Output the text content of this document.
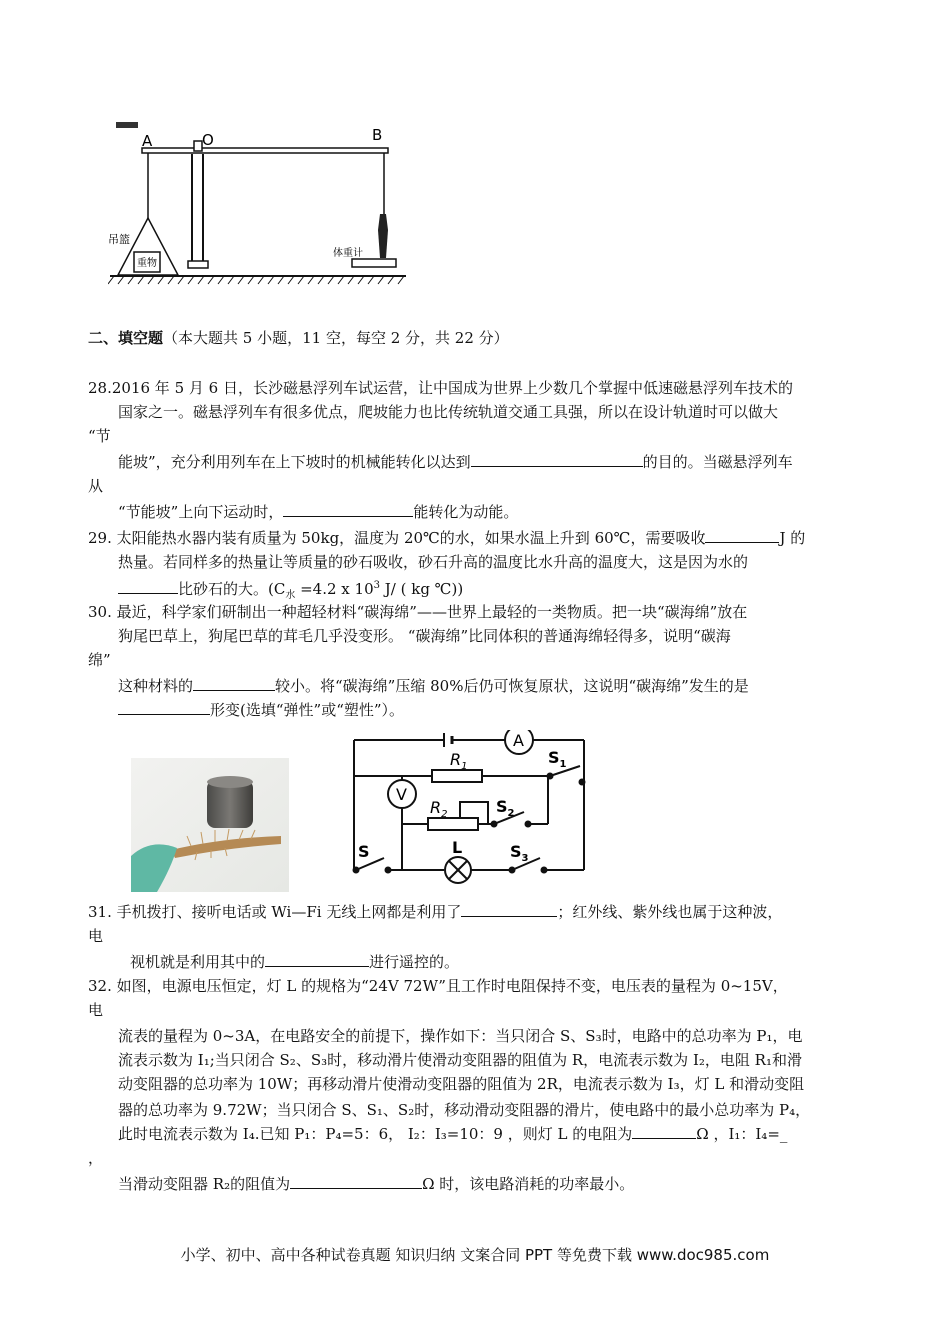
A	O	B
吊篮
重物
体重计
二、填空题（本大题共 5 小题，11 空，每空 2 分，共 22 分）
28.2016 年 5 月 6 日，长沙磁悬浮列车试运营，让中国成为世界上少数几个掌握中低速磁悬浮列车技术的
国家之一。磁悬浮列车有很多优点，爬坡能力也比传统轨道交通工具强，所以在设计轨道时可以做大
“节
能坡”，充分利用列车在上下坡时的机械能转化以达到	的目的。当磁悬浮列车
从
“节能坡”上向下运动时，	能转化为动能。
29. 太阳能热水器内装有质量为 50kg，温度为 20℃的水，如果水温上升到 60℃，需要吸收	J 的
热量。若同样多的热量让等质量的砂石吸收，砂石升高的温度比水升高的温度大，这是因为水的
比砂石的大。($C_水 =4.2$ x $10^3$ J/ ( kg ℃))
30. 最近，科学家们研制出一种超轻材料“碳海绵”——世界上最轻的一类物质。把一块“碳海绵”放在
狗尾巴草上，狗尾巴草的茸毛几乎没变形。 “碳海绵”比同体积的普通海绵轻得多，说明“碳海
绵”
这种材料的	较小。将“碳海绵”压缩 80%后仍可恢复原状，这说明“碳海绵”发生的是
形变(选填“弹性”或“塑性”）。
A
V
$R_1$
$R_2$
$S_1$
$S_2$
S	L	$S_3$
31. 手机拨打、接听电话或 Wi—Fi 无线上网都是利用了	；红外线、紫外线也属于这种波，
电
视机就是利用其中的	进行遥控的。
32. 如图，电源电压恒定，灯 L 的规格为“24V 72W”且工作时电阻保持不变，电压表的量程为 0~15V，
电
流表的量程为 0~3A，在电路安全的前提下，操作如下：当只闭合 S、S₃时，电路中的总功率为 P₁，电
流表示数为 I₁;当只闭合 S₂、S₃时，移动滑片使滑动变阻器的阻值为 R，电流表示数为 I₂，电阻 R₁和滑
动变阻器的总功率为 10W；再移动滑片使滑动变阻器的阻值为 2R，电流表示数为 I₃，灯 L 和滑动变阻
器的总功率为 9.72W；当只闭合 S、S₁、S₂时，移动滑动变阻器的滑片，使电路中的最小总功率为 P₄，
此时电流表示数为 I₄.已知 P₁：P₄=5：6， I₂：I₃=10：9 ，则灯 L 的电阻为	Ω ，I₁：I₄=_
，
当滑动变阻器 R₂的阻值为	Ω 时，该电路消耗的功率最小。
小学、初中、高中各种试卷真题 知识归纳 文案合同 PPT 等免费下载 www.doc985.com
